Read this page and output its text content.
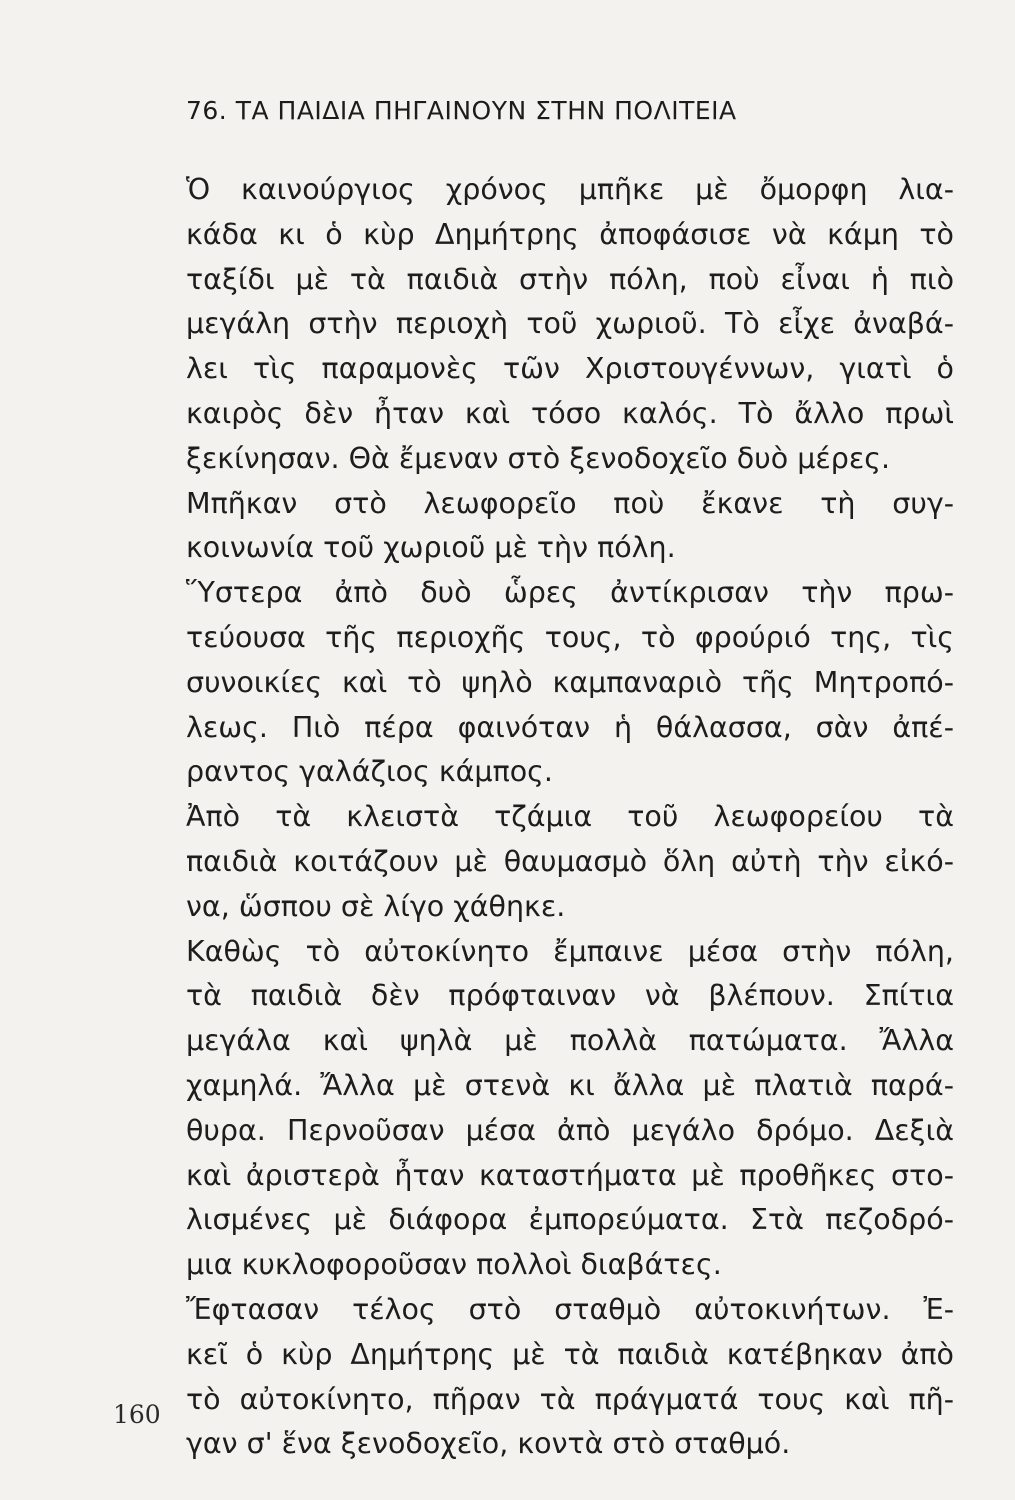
76. ΤΑ ΠΑΙΔΙΑ ΠΗΓΑΙΝΟΥΝ ΣΤΗΝ ΠΟΛΙΤΕΙΑ
Ὁ καινούργιος χρόνος μπῆκε μὲ ὄμορφη λια-
κάδα κι ὁ κὺρ Δημήτρης ἀποφάσισε νὰ κάμη τὸ
ταξίδι μὲ τὰ παιδιὰ στὴν πόλη, ποὺ εἶναι ἡ πιὸ
μεγάλη στὴν περιοχὴ τοῦ χωριοῦ. Τὸ εἶχε ἀναβά-
λει τὶς παραμονὲς τῶν Χριστουγέννων, γιατὶ ὁ
καιρὸς δὲν ἦταν καὶ τόσο καλός. Τὸ ἄλλο πρωὶ
ξεκίνησαν. Θὰ ἔμεναν στὸ ξενοδοχεῖο δυὸ μέρες.
Μπῆκαν στὸ λεωφορεῖο ποὺ ἔκανε τὴ συγ-
κοινωνία τοῦ χωριοῦ μὲ τὴν πόλη.
Ὕστερα ἀπὸ δυὸ ὧρες ἀντίκρισαν τὴν πρω-
τεύουσα τῆς περιοχῆς τους, τὸ φρούριό της, τὶς
συνοικίες καὶ τὸ ψηλὸ καμπαναριὸ τῆς Μητροπό-
λεως. Πιὸ πέρα φαινόταν ἡ θάλασσα, σὰν ἀπέ-
ραντος γαλάζιος κάμπος.
Ἀπὸ τὰ κλειστὰ τζάμια τοῦ λεωφορείου τὰ
παιδιὰ κοιτάζουν μὲ θαυμασμὸ ὅλη αὐτὴ τὴν εἰκό-
να, ὥσπου σὲ λίγο χάθηκε.
Καθὼς τὸ αὐτοκίνητο ἔμπαινε μέσα στὴν πόλη,
τὰ παιδιὰ δὲν πρόφταιναν νὰ βλέπουν. Σπίτια
μεγάλα καὶ ψηλὰ μὲ πολλὰ πατώματα. Ἄλλα
χαμηλά. Ἄλλα μὲ στενὰ κι ἄλλα μὲ πλατιὰ παρά-
θυρα. Περνοῦσαν μέσα ἀπὸ μεγάλο δρόμο. Δεξιὰ
καὶ ἀριστερὰ ἦταν καταστήματα μὲ προθῆκες στο-
λισμένες μὲ διάφορα ἐμπορεύματα. Στὰ πεζοδρό-
μια κυκλοφοροῦσαν πολλοὶ διαβάτες.
Ἔφτασαν τέλος στὸ σταθμὸ αὐτοκινήτων. Ἐ-
κεῖ ὁ κὺρ Δημήτρης μὲ τὰ παιδιὰ κατέβηκαν ἀπὸ
τὸ αὐτοκίνητο, πῆραν τὰ πράγματά τους καὶ πῆ-
γαν σ' ἕνα ξενοδοχεῖο, κοντὰ στὸ σταθμό.
160
